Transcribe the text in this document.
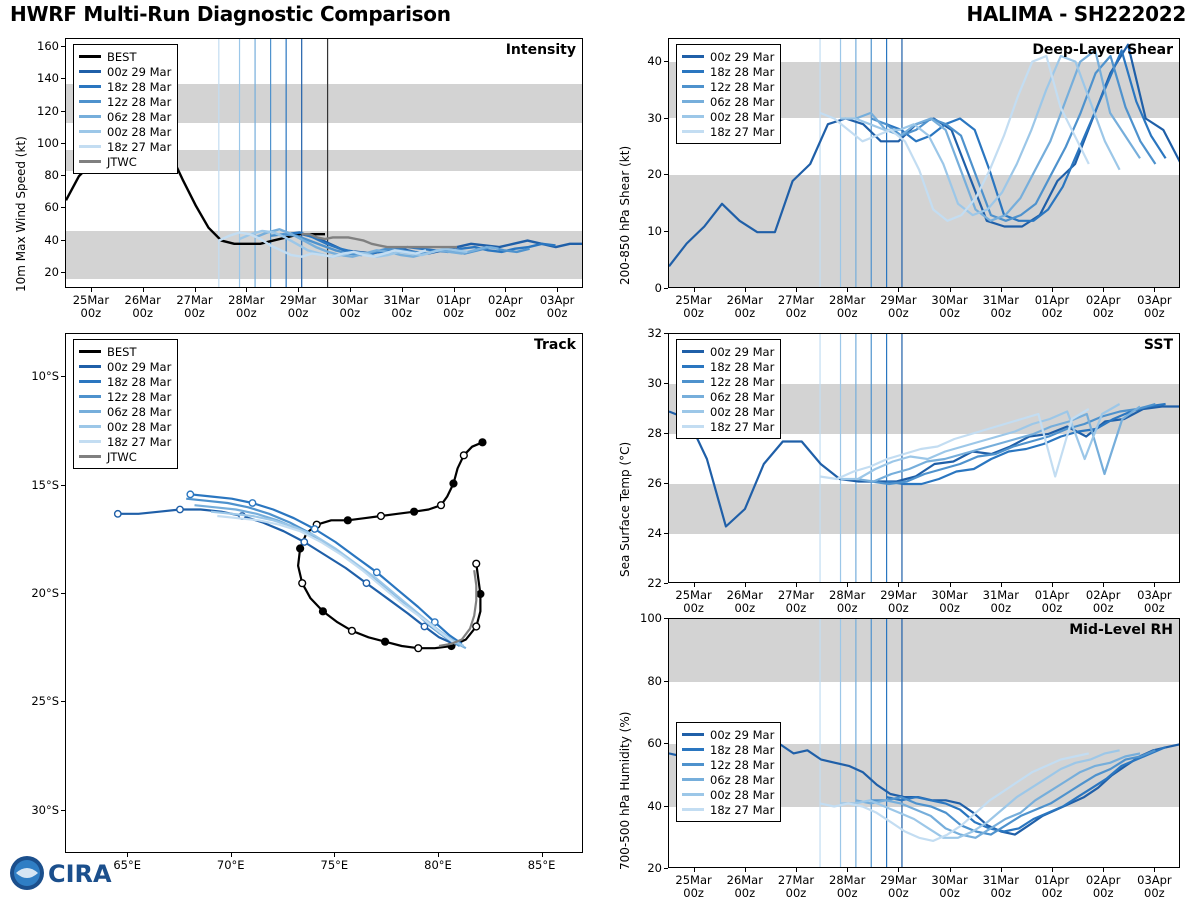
HWRF Multi-Run Diagnostic Comparison	HALIMA - SH222022
10m Max Wind Speed (kt)
Intensity
BEST
00z 29 Mar
18z 28 Mar
12z 28 Mar
06z 28 Mar
00z 28 Mar
18z 27 Mar
JTWC
20
40
60
80
100
120
140
160
25Mar
00z
26Mar
00z
27Mar
00z
28Mar
00z
29Mar
00z
30Mar
00z
31Mar
00z
01Apr
00z
02Apr
00z
03Apr
00z
Track
BEST
00z 29 Mar
18z 28 Mar
12z 28 Mar
06z 28 Mar
00z 28 Mar
18z 27 Mar
JTWC
10°S
15°S
20°S
25°S
30°S
65°E	70°E	75°E	80°E	85°E
200-850 hPa Shear (kt)
Deep-Layer Shear
00z 29 Mar
18z 28 Mar
12z 28 Mar
06z 28 Mar
00z 28 Mar
18z 27 Mar
0
10
20
30
40
25Mar
00z
26Mar
00z
27Mar
00z
28Mar
00z
29Mar
00z
30Mar
00z
31Mar
00z
01Apr
00z
02Apr
00z
03Apr
00z
Sea Surface Temp (°C)
SST
00z 29 Mar
18z 28 Mar
12z 28 Mar
06z 28 Mar
00z 28 Mar
18z 27 Mar
22
24
26
28
30
32
25Mar
00z
26Mar
00z
27Mar
00z
28Mar
00z
29Mar
00z
30Mar
00z
31Mar
00z
01Apr
00z
02Apr
00z
03Apr
00z
700-500 hPa Humidity (%)
Mid-Level RH
00z 29 Mar
18z 28 Mar
12z 28 Mar
06z 28 Mar
00z 28 Mar
18z 27 Mar
20
40
60
80
100
25Mar
00z
26Mar
00z
27Mar
00z
28Mar
00z
29Mar
00z
30Mar
00z
31Mar
00z
01Apr
00z
02Apr
00z
03Apr
00z
CIRA
